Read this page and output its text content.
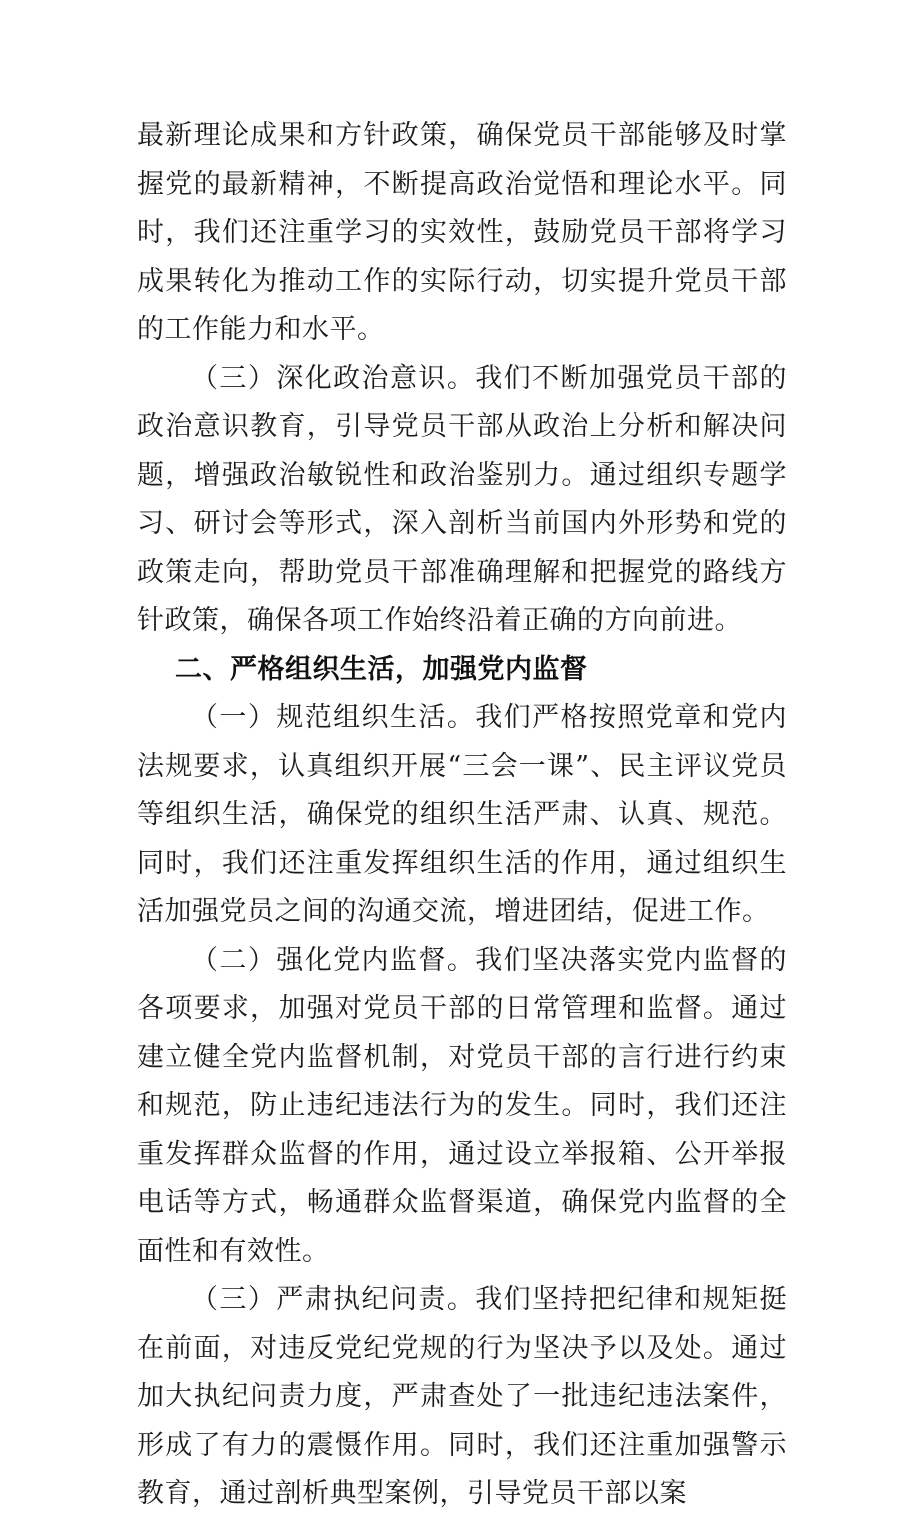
最新理论成果和方针政策，确保党员干部能够及时掌握党的最新精神，不断提高政治觉悟和理论水平。同时，我们还注重学习的实效性，鼓励党员干部将学习成果转化为推动工作的实际行动，切实提升党员干部的工作能力和水平。

（三）深化政治意识。我们不断加强党员干部的政治意识教育，引导党员干部从政治上分析和解决问题，增强政治敏锐性和政治鉴别力。通过组织专题学习、研讨会等形式，深入剖析当前国内外形势和党的政策走向，帮助党员干部准确理解和把握党的路线方针政策，确保各项工作始终沿着正确的方向前进。

二、严格组织生活，加强党内监督

（一）规范组织生活。我们严格按照党章和党内法规要求，认真组织开展“三会一课”、民主评议党员等组织生活，确保党的组织生活严肃、认真、规范。同时，我们还注重发挥组织生活的作用，通过组织生活加强党员之间的沟通交流，增进团结，促进工作。

（二）强化党内监督。我们坚决落实党内监督的各项要求，加强对党员干部的日常管理和监督。通过建立健全党内监督机制，对党员干部的言行进行约束和规范，防止违纪违法行为的发生。同时，我们还注重发挥群众监督的作用，通过设立举报箱、公开举报电话等方式，畅通群众监督渠道，确保党内监督的全面性和有效性。

（三）严肃执纪问责。我们坚持把纪律和规矩挺在前面，对违反党纪党规的行为坚决予以及处。通过加大执纪问责力度，严肃查处了一批违纪违法案件，形成了有力的震慑作用。同时，我们还注重加强警示教育，通过剖析典型案例，引导党员干部以案
